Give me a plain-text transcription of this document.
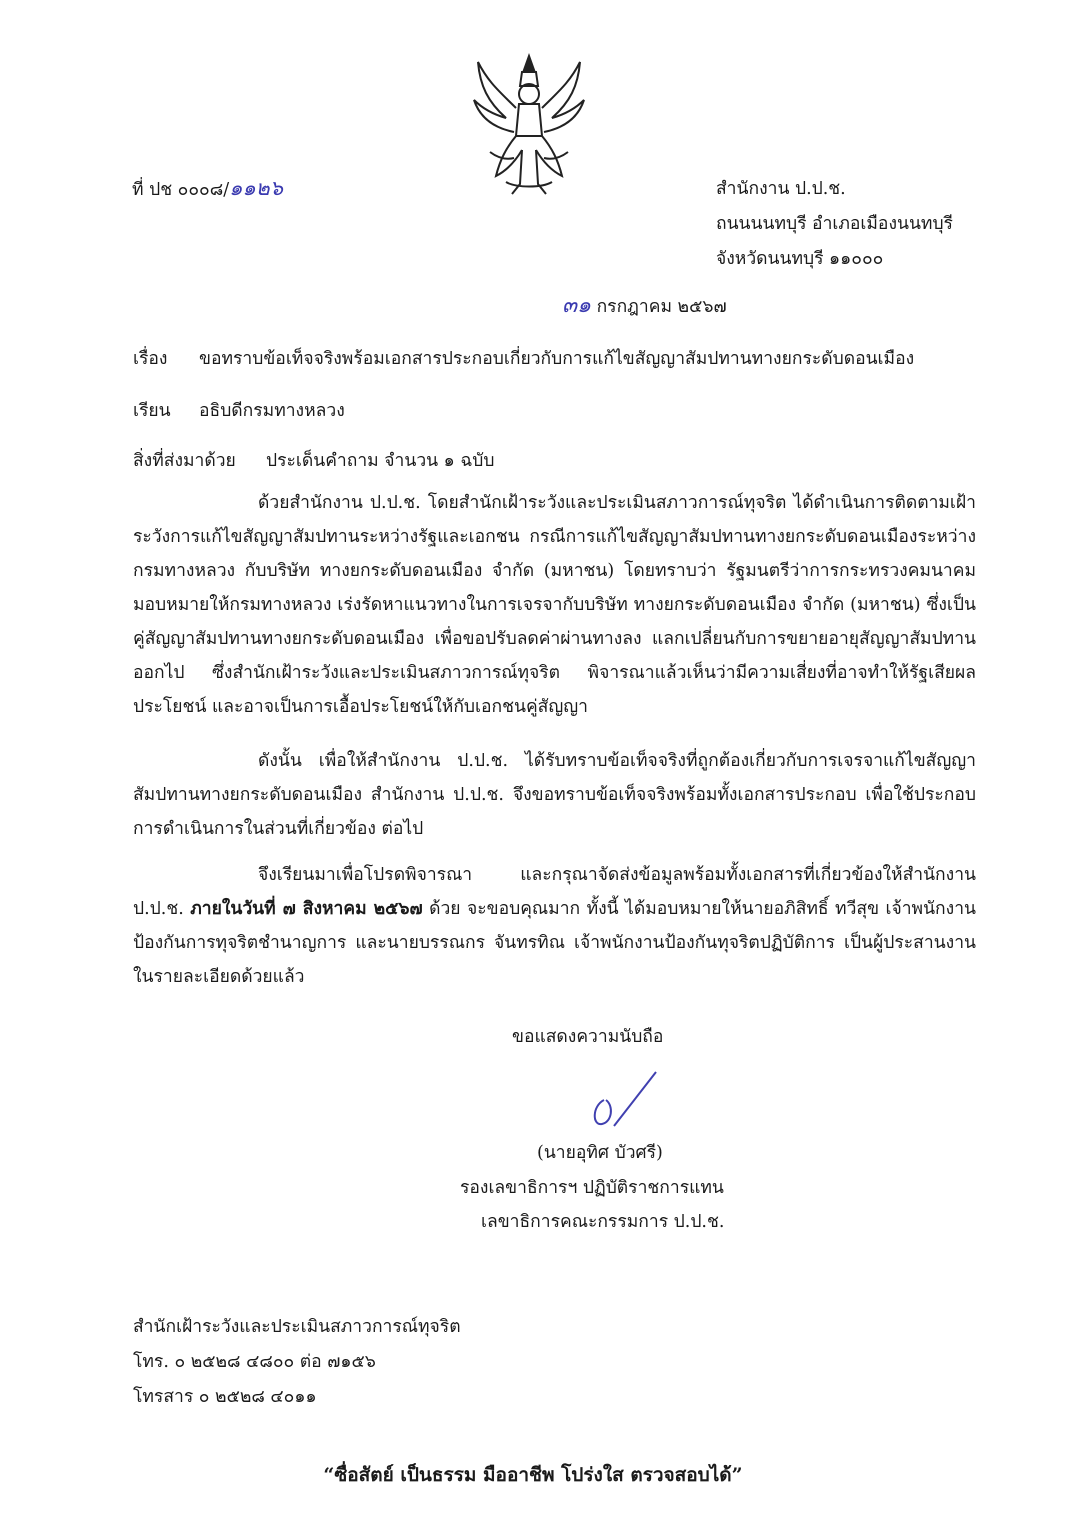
ที่ ปช ๐๐๐๘/๑๑๒๖	สำนักงาน ป.ป.ช.
ถนนนนทบุรี อำเภอเมืองนนทบุรี
จังหวัดนนทบุรี ๑๑๐๐๐
๓๑ กรกฎาคม ๒๕๖๗
เรื่อง ขอทราบข้อเท็จจริงพร้อมเอกสารประกอบเกี่ยวกับการแก้ไขสัญญาสัมปทานทางยกระดับดอนเมือง
เรียน อธิบดีกรมทางหลวง
สิ่งที่ส่งมาด้วย ประเด็นคำถาม จำนวน ๑ ฉบับ
ด้วยสำนักงาน ป.ป.ช. โดยสำนักเฝ้าระวังและประเมินสภาวการณ์ทุจริต ได้ดำเนินการติดตามเฝ้าระวังการแก้ไขสัญญาสัมปทานระหว่างรัฐและเอกชน กรณีการแก้ไขสัญญาสัมปทานทางยกระดับดอนเมืองระหว่างกรมทางหลวง กับบริษัท ทางยกระดับดอนเมือง จำกัด (มหาชน) โดยทราบว่า รัฐมนตรีว่าการกระทรวงคมนาคม มอบหมายให้กรมทางหลวง เร่งรัดหาแนวทางในการเจรจากับบริษัท ทางยกระดับดอนเมือง จำกัด (มหาชน) ซึ่งเป็นคู่สัญญาสัมปทานทางยกระดับดอนเมือง เพื่อขอปรับลดค่าผ่านทางลง แลกเปลี่ยนกับการขยายอายุสัญญาสัมปทานออกไป ซึ่งสำนักเฝ้าระวังและประเมินสภาวการณ์ทุจริต พิจารณาแล้วเห็นว่ามีความเสี่ยงที่อาจทำให้รัฐเสียผลประโยชน์ และอาจเป็นการเอื้อประโยชน์ให้กับเอกชนคู่สัญญา
ดังนั้น เพื่อให้สำนักงาน ป.ป.ช. ได้รับทราบข้อเท็จจริงที่ถูกต้องเกี่ยวกับการเจรจาแก้ไขสัญญาสัมปทานทางยกระดับดอนเมือง สำนักงาน ป.ป.ช. จึงขอทราบข้อเท็จจริงพร้อมทั้งเอกสารประกอบ เพื่อใช้ประกอบการดำเนินการในส่วนที่เกี่ยวข้อง ต่อไป
จึงเรียนมาเพื่อโปรดพิจารณา และกรุณาจัดส่งข้อมูลพร้อมทั้งเอกสารที่เกี่ยวข้องให้สำนักงาน ป.ป.ช. ภายในวันที่ ๗ สิงหาคม ๒๕๖๗ ด้วย จะขอบคุณมาก ทั้งนี้ ได้มอบหมายให้นายอภิสิทธิ์ ทวีสุข เจ้าพนักงานป้องกันการทุจริตชำนาญการ และนายบรรณกร จันทรทิณ เจ้าพนักงานป้องกันทุจริตปฏิบัติการ เป็นผู้ประสานงานในรายละเอียดด้วยแล้ว
ขอแสดงความนับถือ
(นายอุทิศ บัวศรี)
รองเลขาธิการฯ ปฏิบัติราชการแทน
เลขาธิการคณะกรรมการ ป.ป.ช.
สำนักเฝ้าระวังและประเมินสภาวการณ์ทุจริต
โทร. ๐ ๒๕๒๘ ๔๘๐๐ ต่อ ๗๑๕๖
โทรสาร ๐ ๒๕๒๘ ๔๐๑๑
“ซื่อสัตย์ เป็นธรรม มืออาชีพ โปร่งใส ตรวจสอบได้”
